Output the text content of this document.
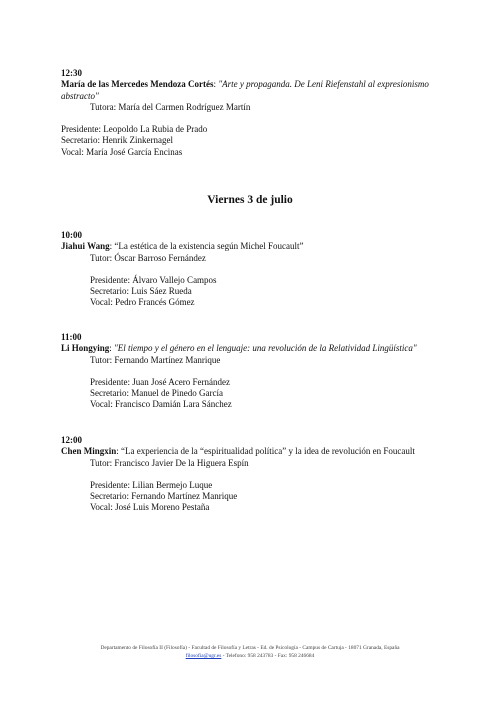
12:30
María de las Mercedes Mendoza Cortés: "Arte y propaganda. De Leni Riefenstahl al expresionismo abstracto"
Tutora: María del Carmen Rodríguez Martín
Presidente: Leopoldo La Rubia de Prado
Secretario: Henrik Zinkernagel
Vocal: María José García Encinas
Viernes 3 de julio
10:00
Jiahui Wang: “La estética de la existencia según Michel Foucault”
Tutor: Óscar Barroso Fernández
Presidente: Álvaro Vallejo Campos
Secretario: Luis Sáez Rueda
Vocal: Pedro Francés Gómez
11:00
Li Hongying: "El tiempo y el género en el lenguaje: una revolución de la Relatividad Lingüística"
Tutor: Fernando Martínez Manrique
Presidente: Juan José Acero Fernández
Secretario: Manuel de Pinedo García
Vocal: Francisco Damián Lara Sánchez
12:00
Chen Mingxin: “La experiencia de la “espiritualidad política” y la idea de revolución en Foucault
Tutor: Francisco Javier De la Higuera Espín
Presidente: Lilian Bermejo Luque
Secretario: Fernando Martínez Manrique
Vocal: José Luis Moreno Pestaña
Departamento de Filosofía II (Filosofía) - Facultad de Filosofía y Letras - Ed. de Psicología - Campus de Cartuja - 18071 Granada, España
filosofia@ugr.es - Telefono: 958 243783 - Fax: 958 246684
